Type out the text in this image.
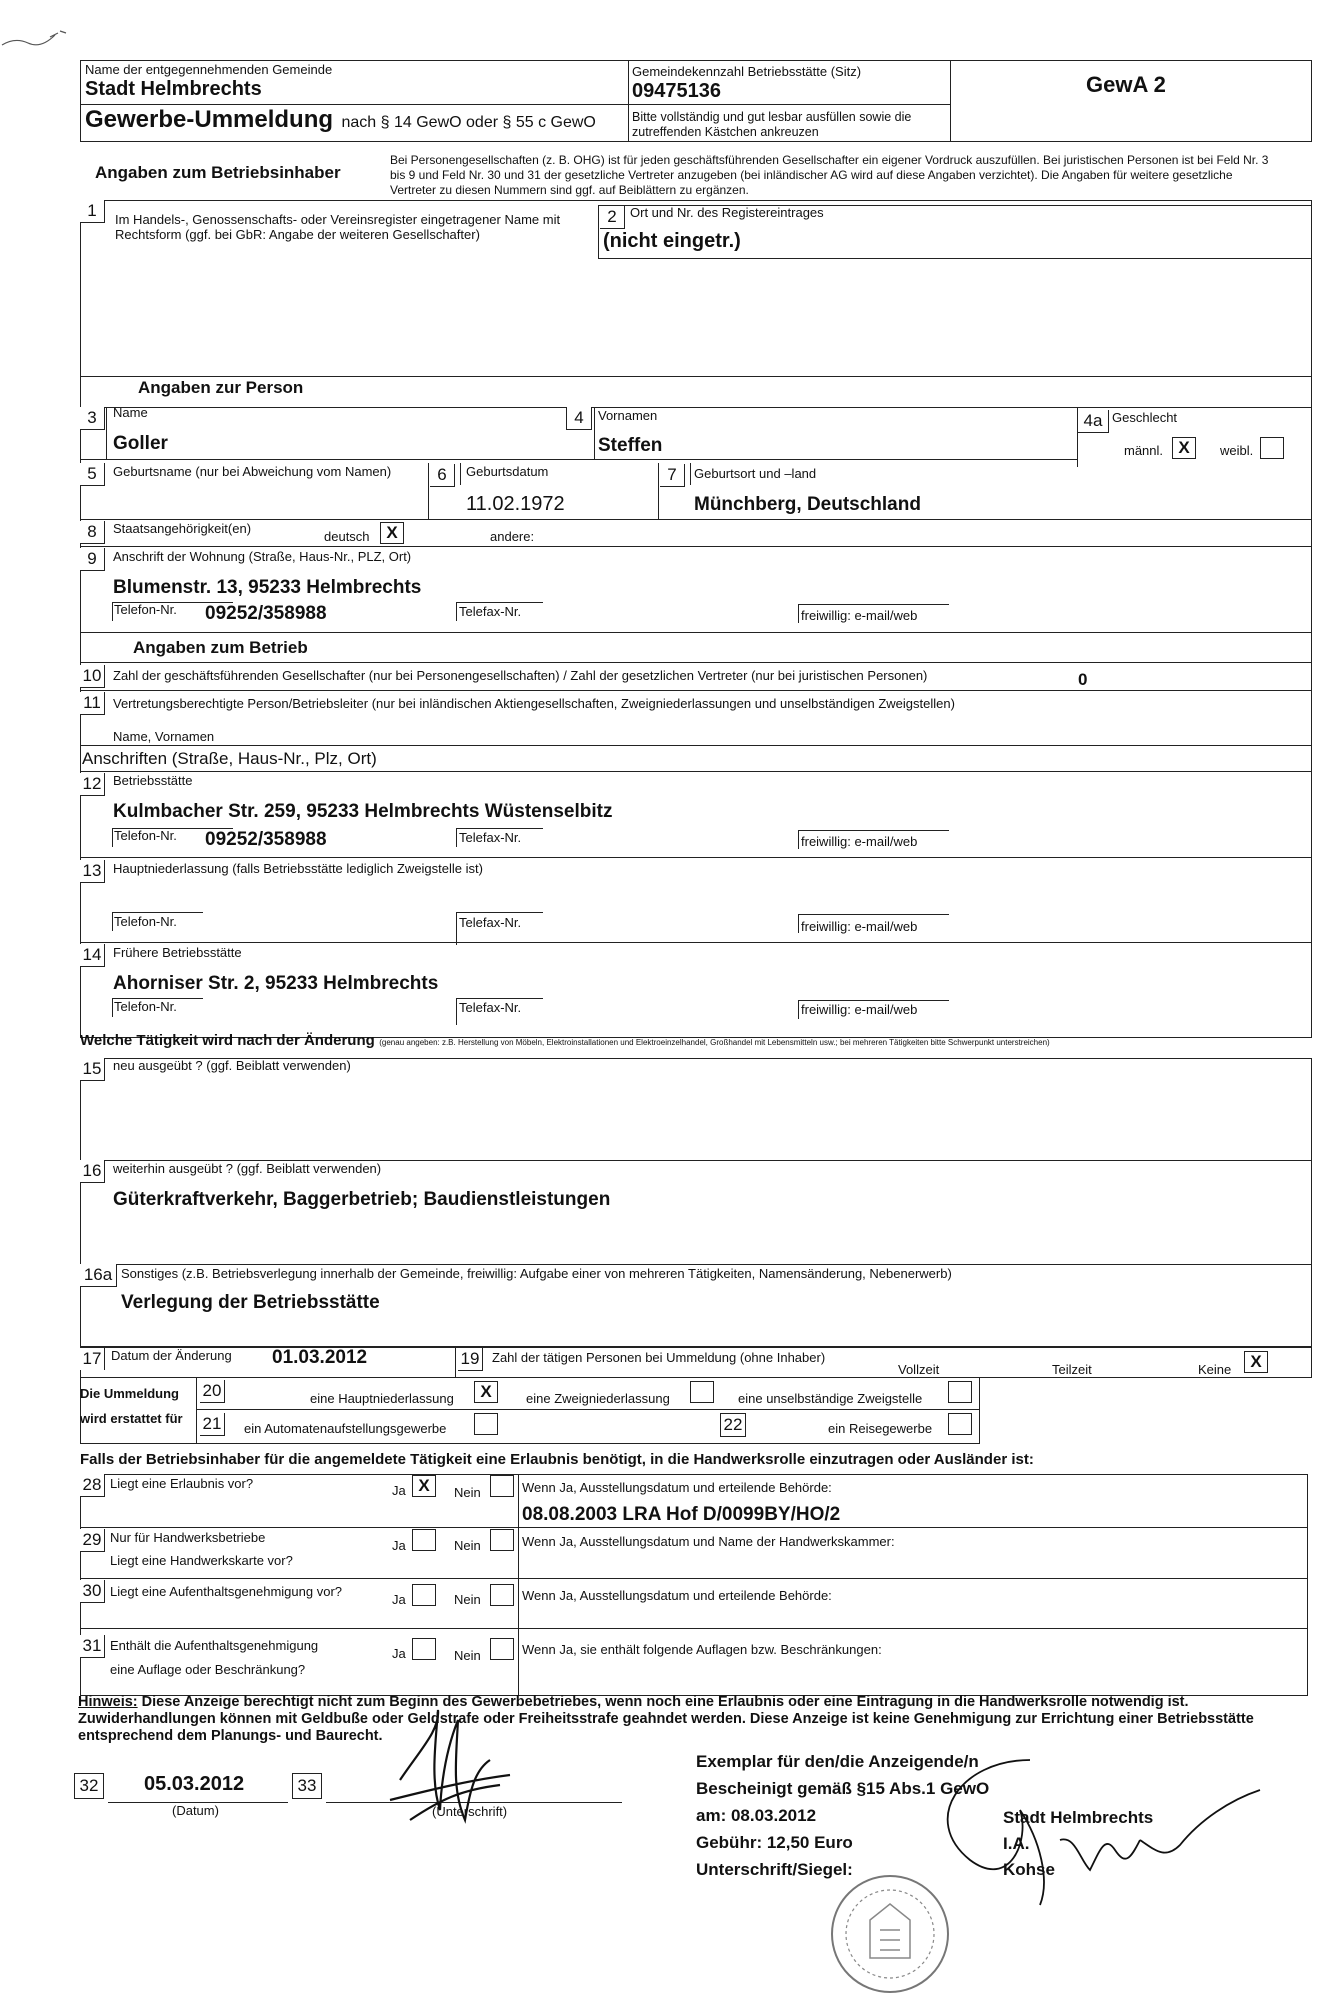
Name der entgegennehmenden Gemeinde
Stadt Helmbrechts
Gemeindekennzahl Betriebsstätte (Sitz)
09475136	GewA 2
Gewerbe-Ummeldung nach § 14 GewO oder § 55 c GewO	Bitte vollständig und gut lesbar ausfüllen sowie die zutreffenden Kästchen ankreuzen
Angaben zum Betriebsinhaber
Bei Personengesellschaften (z. B. OHG) ist für jeden geschäftsführenden Gesellschafter ein eigener Vordruck auszufüllen. Bei juristischen Personen ist bei Feld Nr. 3 bis 9 und Feld Nr. 30 und 31 der gesetzliche Vertreter anzugeben (bei inländischer AG wird auf diese Angaben verzichtet). Die Angaben für weitere gesetzliche Vertreter zu diesen Nummern sind ggf. auf Beiblättern zu ergänzen.
1	Im Handels-, Genossenschafts- oder Vereinsregister eingetragener Name mit Rechtsform (ggf. bei GbR: Angabe der weiteren Gesellschafter)
2	Ort und Nr. des Registereintrages
(nicht eingetr.)
Angaben zur Person
3	Name
Goller
4	Vornamen
Steffen
4a Geschlecht
männl. X	weibl.
5	Geburtsname (nur bei Abweichung vom Namen)	6	Geburtsdatum
11.02.1972
7	Geburtsort und –land
Münchberg, Deutschland
8	Staatsangehörigkeit(en)
deutsch X	andere:
9	Anschrift der Wohnung (Straße, Haus-Nr., PLZ, Ort)
Blumenstr. 13, 95233 Helmbrechts
Telefon-Nr. 09252/358988	Telefax-Nr.	freiwillig: e-mail/web
Angaben zum Betrieb
10 Zahl der geschäftsführenden Gesellschafter (nur bei Personengesellschaften) / Zahl der gesetzlichen Vertreter (nur bei juristischen Personen)	0
11 Vertretungsberechtigte Person/Betriebsleiter (nur bei inländischen Aktiengesellschaften, Zweigniederlassungen und unselbständigen Zweigstellen)
Name, Vornamen
Anschriften (Straße, Haus-Nr., Plz, Ort)
12 Betriebsstätte
Kulmbacher Str. 259, 95233 Helmbrechts Wüstenselbitz
Telefon-Nr. 09252/358988	Telefax-Nr.	freiwillig: e-mail/web
13 Hauptniederlassung (falls Betriebsstätte lediglich Zweigstelle ist)
Telefon-Nr.	Telefax-Nr.	freiwillig: e-mail/web
14 Frühere Betriebsstätte
Ahorniser Str. 2, 95233 Helmbrechts
Telefon-Nr.	Telefax-Nr.	freiwillig: e-mail/web
Welche Tätigkeit wird nach der Änderung (genau angeben: z.B. Herstellung von Möbeln, Elektroinstallationen und Elektroeinzelhandel, Großhandel mit Lebensmitteln usw.; bei mehreren Tätigkeiten bitte Schwerpunkt unterstreichen)
15 neu ausgeübt ? (ggf. Beiblatt verwenden)
16 weiterhin ausgeübt ? (ggf. Beiblatt verwenden)
Güterkraftverkehr, Baggerbetrieb; Baudienstleistungen
16a Sonstiges (z.B. Betriebsverlegung innerhalb der Gemeinde, freiwillig: Aufgabe einer von mehreren Tätigkeiten, Namensänderung, Nebenerwerb)
Verlegung der Betriebsstätte
17 Datum der Änderung 01.03.2012	19 Zahl der tätigen Personen bei Ummeldung (ohne Inhaber)
Vollzeit	Teilzeit	Keine	X
Die Ummeldung
wird erstattet für
20	eine Hauptniederlassung	X	eine Zweigniederlassung	eine unselbständige Zweigstelle
21 ein Automatenaufstellungsgewerbe	22	ein Reisegewerbe
Falls der Betriebsinhaber für die angemeldete Tätigkeit eine Erlaubnis benötigt, in die Handwerksrolle einzutragen oder Ausländer ist:
28 Liegt eine Erlaubnis vor?	Ja X	Nein	Wenn Ja, Ausstellungsdatum und erteilende Behörde:
08.08.2003 LRA Hof D/0099BY/HO/2
29 Nur für Handwerksbetriebe
Liegt eine Handwerkskarte vor?
Ja	Nein	Wenn Ja, Ausstellungsdatum und Name der Handwerkskammer:
30 Liegt eine Aufenthaltsgenehmigung vor?
Ja	Nein	Wenn Ja, Ausstellungsdatum und erteilende Behörde:
31 Enthält die Aufenthaltsgenehmigung
eine Auflage oder Beschränkung?
Ja	Nein	Wenn Ja, sie enthält folgende Auflagen bzw. Beschränkungen:
Hinweis: Diese Anzeige berechtigt nicht zum Beginn des Gewerbebetriebes, wenn noch eine Erlaubnis oder eine Eintragung in die Handwerksrolle notwendig ist. Zuwiderhandlungen können mit Geldbuße oder Geldstrafe oder Freiheitsstrafe geahndet werden. Diese Anzeige ist keine Genehmigung zur Errichtung einer Betriebsstätte entsprechend dem Planungs- und Baurecht.
32 05.03.2012
(Datum)
33
(Unterschrift)
Exemplar für den/die Anzeigende/n
Bescheinigt gemäß §15 Abs.1 GewO
am: 08.03.2012
Gebühr: 12,50 Euro
Unterschrift/Siegel:
Stadt Helmbrechts
I.A.
Kohse
